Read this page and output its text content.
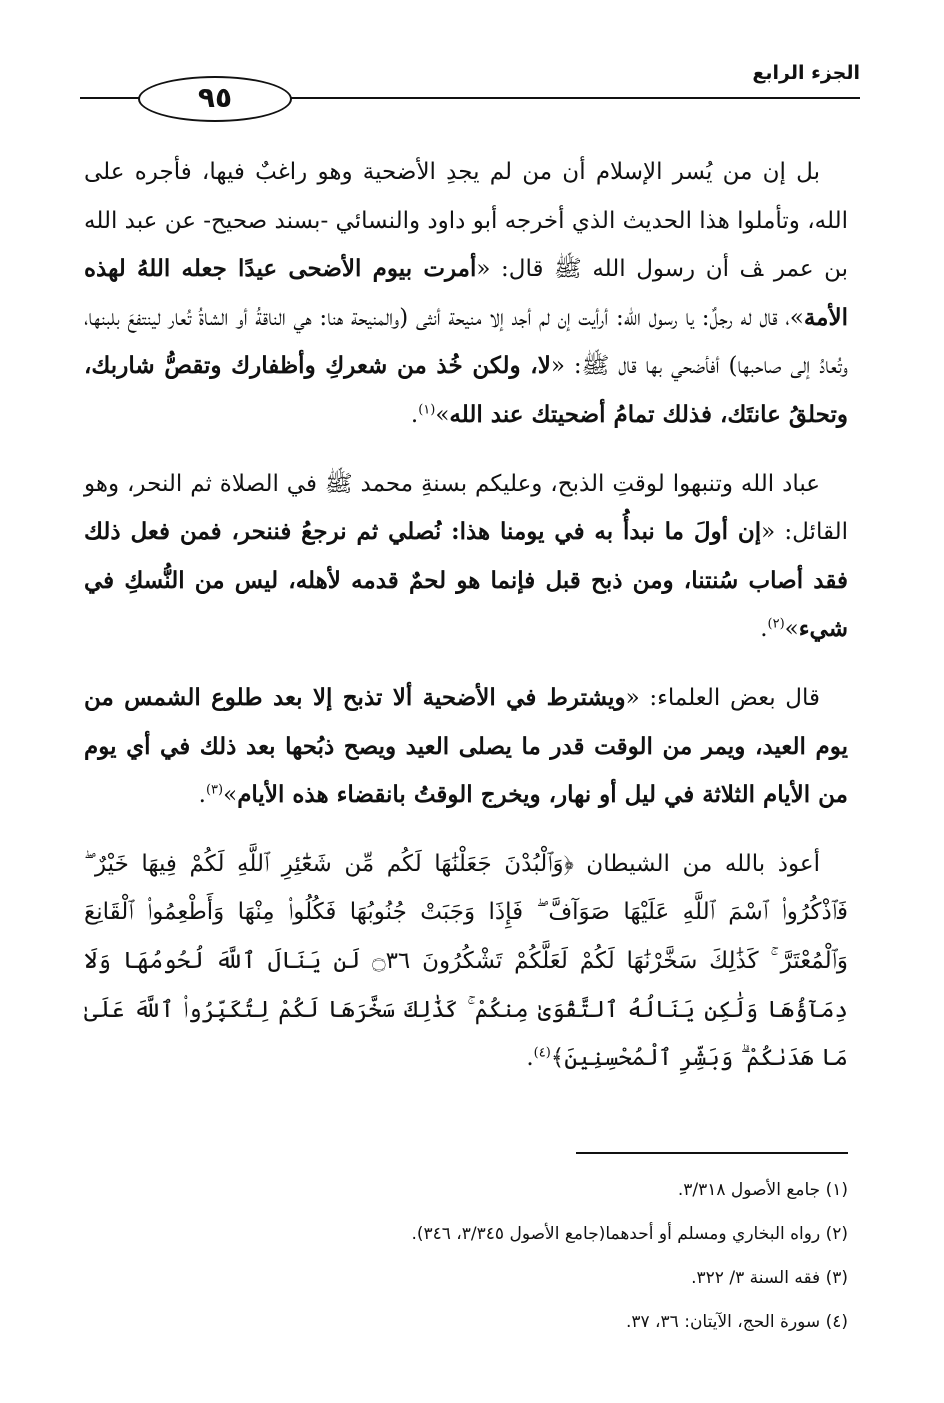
الجزء الرابع
٩٥

بل إن من يُسر الإسلام أن من لم يجدِ الأضحية وهو راغبٌ فيها، فأجره على الله، وتأملوا هذا الحديث الذي أخرجه أبو داود والنسائي -بسند صحيح- عن عبد الله بن عمر ﭫ أن رسول الله ﷺ قال: «أمرت بيوم الأضحى عيدًا جعله اللهُ لهذه الأمة»، قال له رجلٌ: يا رسول الله: أرأيت إن لم أجد إلا منيحة أنثى (والمنيحة هنا: هي الناقةُ أو الشاةُ تُعار لينتفعَ بلبنها، وتُعادُ إلى صاحبها) أفأضحي بها قال ﷺ: «لا، ولكن خُذ من شعركِ وأظفارك وتقصُّ شاربك، وتحلقُ عانتَك، فذلك تمامُ أضحيتك عند الله»$^{(١)}$.

عباد الله وتنبهوا لوقتِ الذبح، وعليكم بسنةِ محمد ﷺ في الصلاة ثم النحر، وهو القائل: «إن أولَ ما نبدأُ به في يومنا هذا: نُصلي ثم نرجعُ فننحر، فمن فعل ذلك فقد أصاب سُنتنا، ومن ذبح قبل فإنما هو لحمٌ قدمه لأهله، ليس من النُّسكِ في شيء»$^{(٢)}$.

قال بعض العلماء: «ويشترط في الأضحية ألا تذبح إلا بعد طلوع الشمس من يوم العيد، ويمر من الوقت قدر ما يصلى العيد ويصح ذبُحها بعد ذلك في أي يوم من الأيام الثلاثة في ليل أو نهار، ويخرج الوقتُ بانقضاء هذه الأيام»$^{(٣)}$.

أعوذ بالله من الشيطان ﴿وَٱلْبُدْنَ جَعَلْنَٰهَا لَكُم مِّن شَعَٰٓئِرِ ٱللَّهِ لَكُمْ فِيهَا خَيْرٌ ۖ فَٱذْكُرُوا۟ ٱسْمَ ٱللَّهِ عَلَيْهَا صَوَآفَّ ۖ فَإِذَا وَجَبَتْ جُنُوبُهَا فَكُلُوا۟ مِنْهَا وَأَطْعِمُوا۟ ٱلْقَانِعَ وَٱلْمُعْتَرَّ ۚ كَذَٰلِكَ سَخَّرْنَٰهَا لَكُمْ لَعَلَّكُمْ تَشْكُرُونَ ۝٣٦ لَن يَنَالَ ٱللَّهَ لُحُومُهَا وَلَا دِمَآؤُهَا وَلَٰكِن يَنَالُهُ ٱلتَّقْوَىٰ مِنكُمْ ۚ كَذَٰلِكَ سَخَّرَهَا لَكُمْ لِتُكَبِّرُوا۟ ٱللَّهَ عَلَىٰ مَا هَدَىٰكُمْ ۗ وَبَشِّرِ ٱلْمُحْسِنِينَ﴾$^{(٤)}$.

(١) جامع الأصول ٣/٣١٨.
(٢) رواه البخاري ومسلم أو أحدهما(جامع الأصول ٣/٣٤٥، ٣٤٦).
(٣) فقه السنة ٣/ ٣٢٢.
(٤) سورة الحج، الآيتان: ٣٦، ٣٧.
